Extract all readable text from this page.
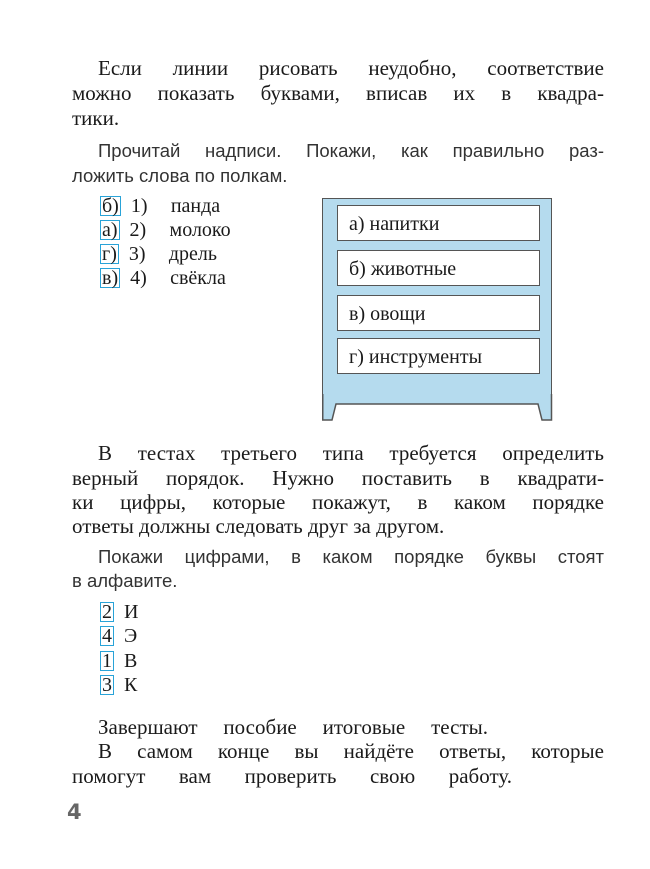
Если линии рисовать неудобно, соответствие
можно показать буквами, вписав их в квадра-
тики.
Прочитай надписи. Покажи, как правильно раз-
ложить слова по полкам.
б) 1) панда
а) 2) молоко
г) 3) дрель
в) 4) свёкла
а) напитки
б) животные
в) овощи
г) инструменты
В тестах третьего типа требуется определить
верный порядок. Нужно поставить в квадрати-
ки цифры, которые покажут, в каком порядке
ответы должны следовать друг за другом.
Покажи цифрами, в каком порядке буквы стоят
в алфавите.
2 И
4 Э
1 В
3 К
Завершают пособие итоговые тесты.
В самом конце вы найдёте ответы, которые
помогут вам проверить свою работу.
4
